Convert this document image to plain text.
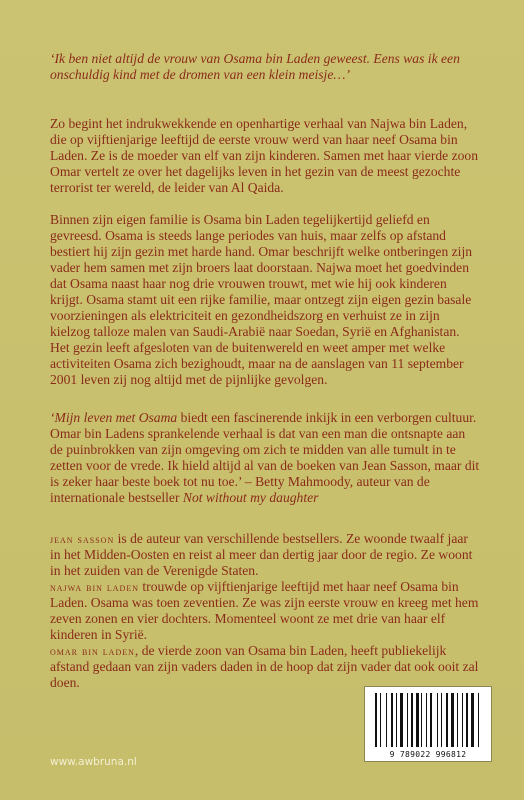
‘Ik ben niet altijd de vrouw van Osama bin Laden geweest. Eens was ik een onschuldig kind met de dromen van een klein meisje…’

Zo begint het indrukwekkende en openhartige verhaal van Najwa bin Laden, die op vijftienjarige leeftijd de eerste vrouw werd van haar neef Osama bin Laden. Ze is de moeder van elf van zijn kinderen. Samen met haar vierde zoon Omar vertelt ze over het dagelijks leven in het gezin van de meest gezochte terrorist ter wereld, de leider van Al Qaida.

Binnen zijn eigen familie is Osama bin Laden tegelijkertijd geliefd en gevreesd. Osama is steeds lange periodes van huis, maar zelfs op afstand bestiert hij zijn gezin met harde hand. Omar beschrijft welke ontberingen zijn vader hem samen met zijn broers laat doorstaan. Najwa moet het goedvinden dat Osama naast haar nog drie vrouwen trouwt, met wie hij ook kinderen krijgt. Osama stamt uit een rijke familie, maar ontzegt zijn eigen gezin basale voorzieningen als elektriciteit en gezondheidszorg en verhuist ze in zijn kielzog talloze malen van Saudi-Arabië naar Soedan, Syrië en Afghanistan.

Het gezin leeft afgesloten van de buitenwereld en weet amper met welke activiteiten Osama zich bezighoudt, maar na de aanslagen van 11 september 2001 leven zij nog altijd met de pijnlijke gevolgen.

‘Mijn leven met Osama biedt een fascinerende inkijk in een verborgen cultuur. Omar bin Ladens sprankelende verhaal is dat van een man die ontsnapte aan de puinbrokken van zijn omgeving om zich te midden van alle tumult in te zetten voor de vrede. Ik hield altijd al van de boeken van Jean Sasson, maar dit is zeker haar beste boek tot nu toe.’ – Betty Mahmoody, auteur van de internationale bestseller Not without my daughter

jean sasson is de auteur van verschillende bestsellers. Ze woonde twaalf jaar in het Midden-Oosten en reist al meer dan dertig jaar door de regio. Ze woont in het zuiden van de Verenigde Staten.

najwa bin laden trouwde op vijftienjarige leeftijd met haar neef Osama bin Laden. Osama was toen zeventien. Ze was zijn eerste vrouw en kreeg met hem zeven zonen en vier dochters. Momenteel woont ze met drie van haar elf kinderen in Syrië.

omar bin laden, de vierde zoon van Osama bin Laden, heeft publiekelijk afstand gedaan van zijn vaders daden in de hoop dat zijn vader dat ook ooit zal doen.

9 789022 996812
www.awbruna.nl
